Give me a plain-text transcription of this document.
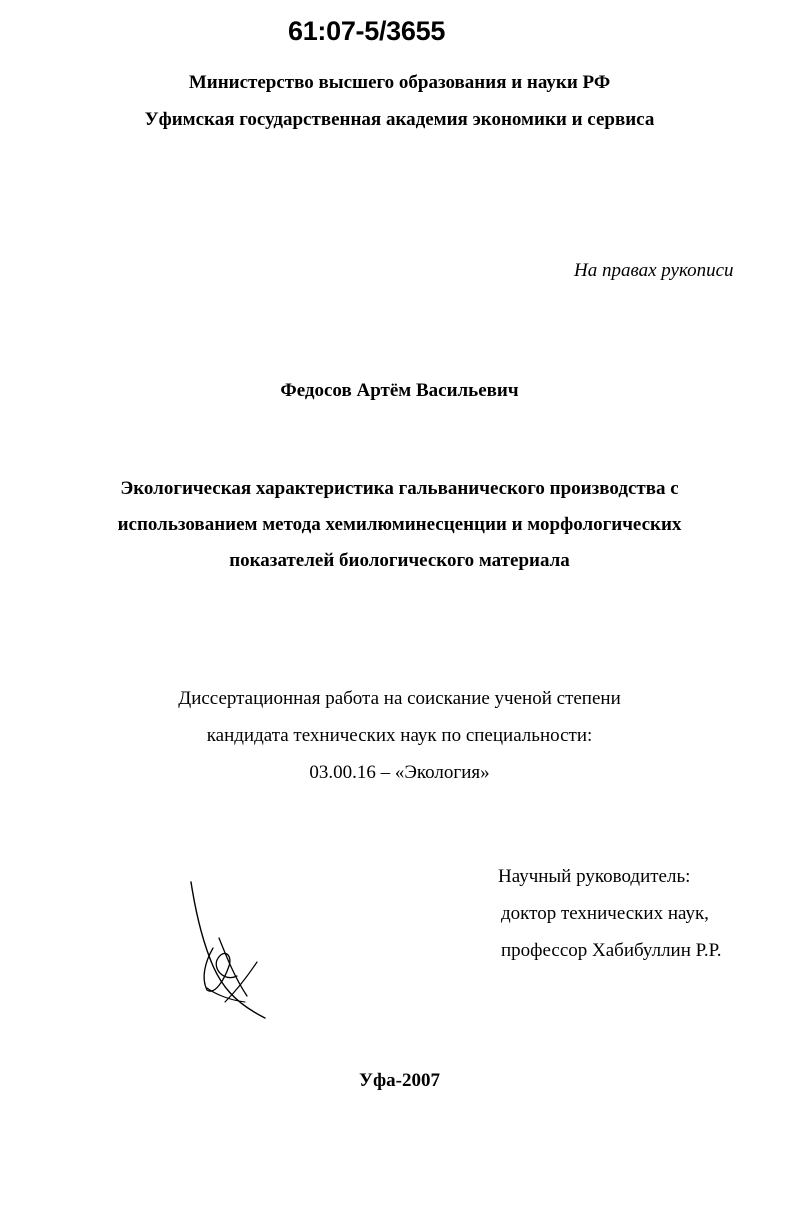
61:07-5/3655
Министерство высшего образования и науки РФ
Уфимская государственная академия экономики и сервиса
На правах рукописи
Федосов Артём Васильевич
Экологическая характеристика гальванического производства с
использованием метода хемилюминесценции и морфологических
показателей биологического материала
Диссертационная работа на соискание ученой степени
кандидата технических наук по специальности:
03.00.16 – «Экология»
Научный руководитель:
доктор технических наук,
профессор Хабибуллин Р.Р.
Уфа-2007
